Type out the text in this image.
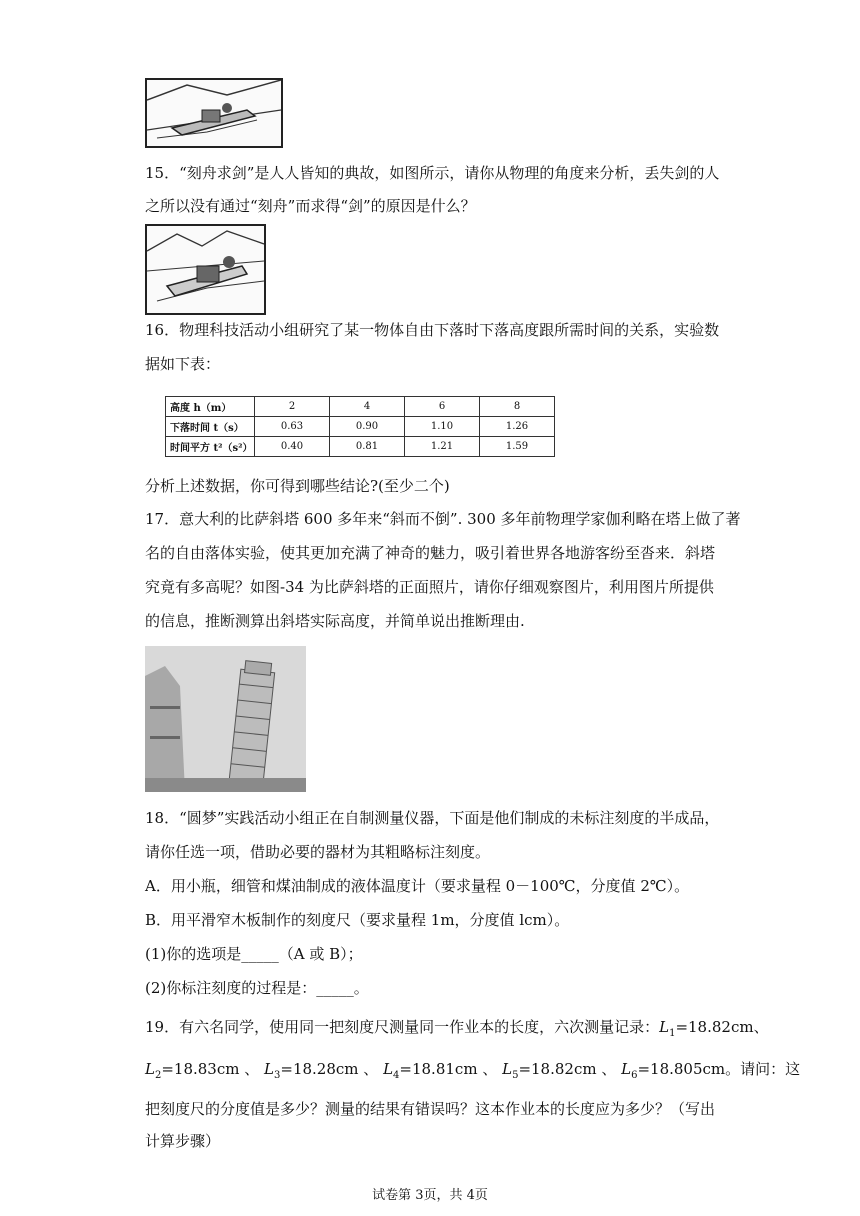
15．“刻舟求剑”是人人皆知的典故，如图所示，请你从物理的角度来分析，丢失剑的人
之所以没有通过“刻舟”而求得“剑”的原因是什么？
16．物理科技活动小组研究了某一物体自由下落时下落高度跟所需时间的关系，实验数
据如下表：
高度 h（m）	2	4	6	8
下落时间 t（s）	0.63	0.90	1.10	1.26
时间平方 t²（s²）	0.40	0.81	1.21	1.59
分析上述数据，你可得到哪些结论?(至少二个)
17．意大利的比萨斜塔 600 多年来“斜而不倒”. 300 多年前物理学家伽利略在塔上做了著
名的自由落体实验，使其更加充满了神奇的魅力，吸引着世界各地游客纷至沓来．斜塔
究竟有多高呢？如图-34 为比萨斜塔的正面照片，请你仔细观察图片，利用图片所提供
的信息，推断测算出斜塔实际高度，并简单说出推断理由.
18．“圆梦”实践活动小组正在自制测量仪器，下面是他们制成的未标注刻度的半成品，
请你任选一项，借助必要的器材为其粗略标注刻度。
A．用小瓶，细管和煤油制成的液体温度计（要求量程 0－100℃，分度值 2℃）。
B．用平滑窄木板制作的刻度尺（要求量程 1m，分度值 lcm）。
(1)你的选项是_____（A 或 B）；
(2)你标注刻度的过程是：_____。
19．有六名同学，使用同一把刻度尺测量同一作业本的长度，六次测量记录：$L_1=18.82cm$、
$L_2=18.83cm$ 、 $L_3=18.28cm$ 、 $L_4=18.81cm$ 、 $L_5=18.82cm$ 、 $L_6=18.805cm$。请问：这
把刻度尺的分度值是多少？测量的结果有错误吗？这本作业本的长度应为多少？（写出
计算步骤）
试卷第 3页，共 4页
